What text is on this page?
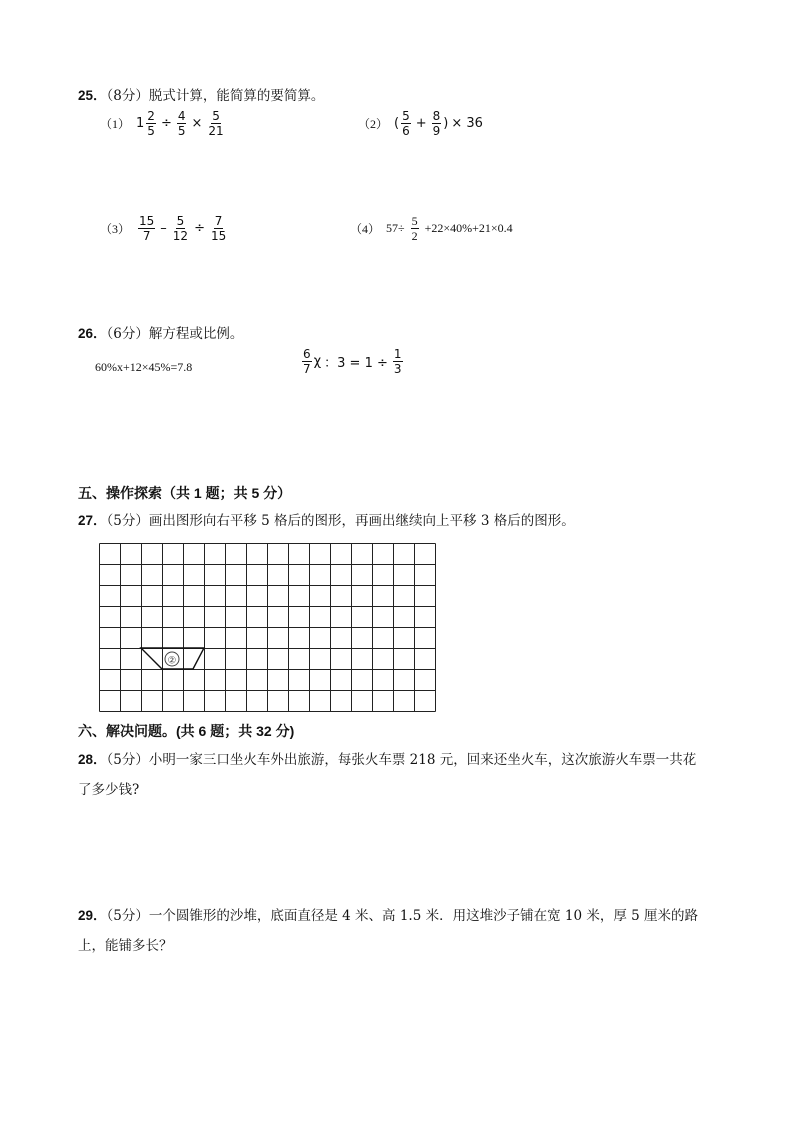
25．（8分）脱式计算，能简算的要简算。
（1） $1 \frac{2}{5} \div \frac{4}{5} \times \frac{5}{21}$	（2） ( $\frac{5}{6} + \frac{8}{9}$ ) × 36
$(3) \frac{15}{7} - \frac{5}{12} \div \frac{7}{15}$	（4） $57\div \frac{5}{2} +22\times 40\%+21\times 0.4$
26．（6分）解方程或比例。
60%x+12×45%=7.8	$\frac{6}{7}$ χ ：$3 = 1 \div \frac{1}{3}$
五、操作探索（共 1 题；共 5 分）
27．（5分）画出图形向右平移 5 格后的图形，再画出继续向上平移 3 格后的图形。
②
六、解决问题。(共 6 题；共 32 分)
28．（5分）小明一家三口坐火车外出旅游，每张火车票 218 元，回来还坐火车，这次旅游火车票一共花
了多少钱?
29．（5分）一个圆锥形的沙堆，底面直径是 4 米、高 1.5 米．用这堆沙子铺在宽 10 米，厚 5 厘米的路
上，能铺多长？
